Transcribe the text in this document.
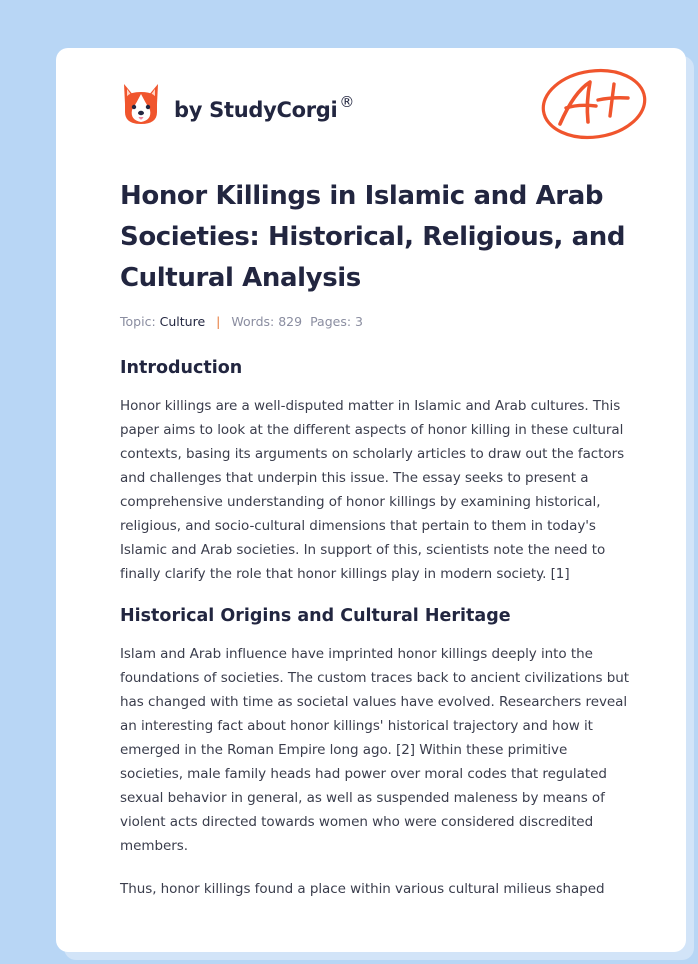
by StudyCorgi ®
Honor Killings in Islamic and Arab Societies: Historical, Religious, and Cultural Analysis
Topic: Culture | Words: 829 Pages: 3
Introduction

Honor killings are a well-disputed matter in Islamic and Arab cultures. This paper aims to look at the different aspects of honor killing in these cultural contexts, basing its arguments on scholarly articles to draw out the factors and challenges that underpin this issue. The essay seeks to present a comprehensive understanding of honor killings by examining historical, religious, and socio-cultural dimensions that pertain to them in today's Islamic and Arab societies. In support of this, scientists note the need to finally clarify the role that honor killings play in modern society. [1]

Historical Origins and Cultural Heritage

Islam and Arab influence have imprinted honor killings deeply into the foundations of societies. The custom traces back to ancient civilizations but has changed with time as societal values have evolved. Researchers reveal an interesting fact about honor killings' historical trajectory and how it emerged in the Roman Empire long ago. [2] Within these primitive societies, male family heads had power over moral codes that regulated sexual behavior in general, as well as suspended maleness by means of violent acts directed towards women who were considered discredited members.

Thus, honor killings found a place within various cultural milieus shaped
